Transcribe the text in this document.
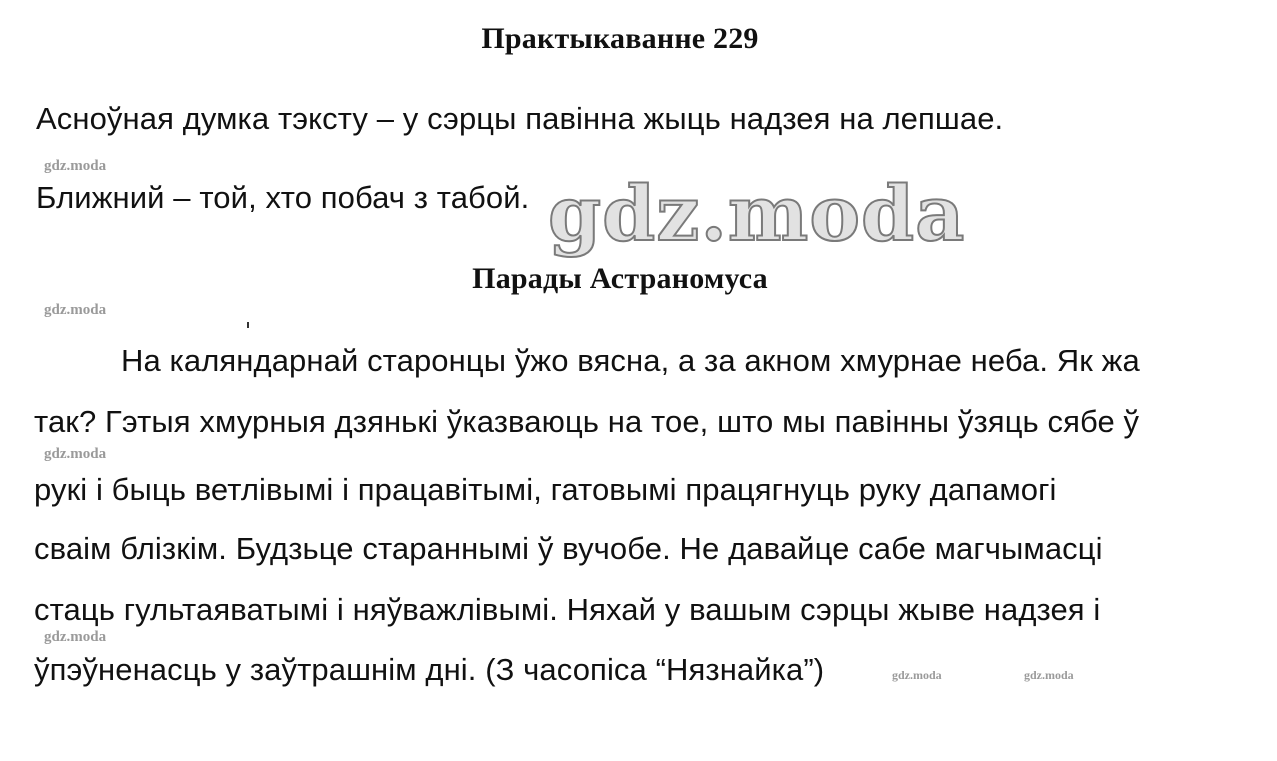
Практыкаванне 229
Асноўная думка тэксту – у сэрцы павінна жыць надзея на лепшае.
gdz.moda
Ближний – той, хто побач з табой. gdz.moda
Парады Астраномуса
gdz.moda
На каляндарнай старонцы ўжо вясна, а за акном хмурнае неба. Як жа
так? Гэтыя хмурныя дзянькі ўказваюць на тое, што мы павінны ўзяць сябе ў
рукі і быць ветлівымі і працавітымі, гатовымі працягнуць руку дапамогі
сваім блізкім. Будзьце стараннымі ў вучобе. Не давайце сабе магчымасці
стаць гультаяватымі і няўважлівымі. Няхай у вашым сэрцы жыве надзея і
ўпэўненасць у заўтрашнім дні. (З часопіса “Нязнайка”)
gdz.moda
gdz.moda
gdz.moda	gdz.moda
